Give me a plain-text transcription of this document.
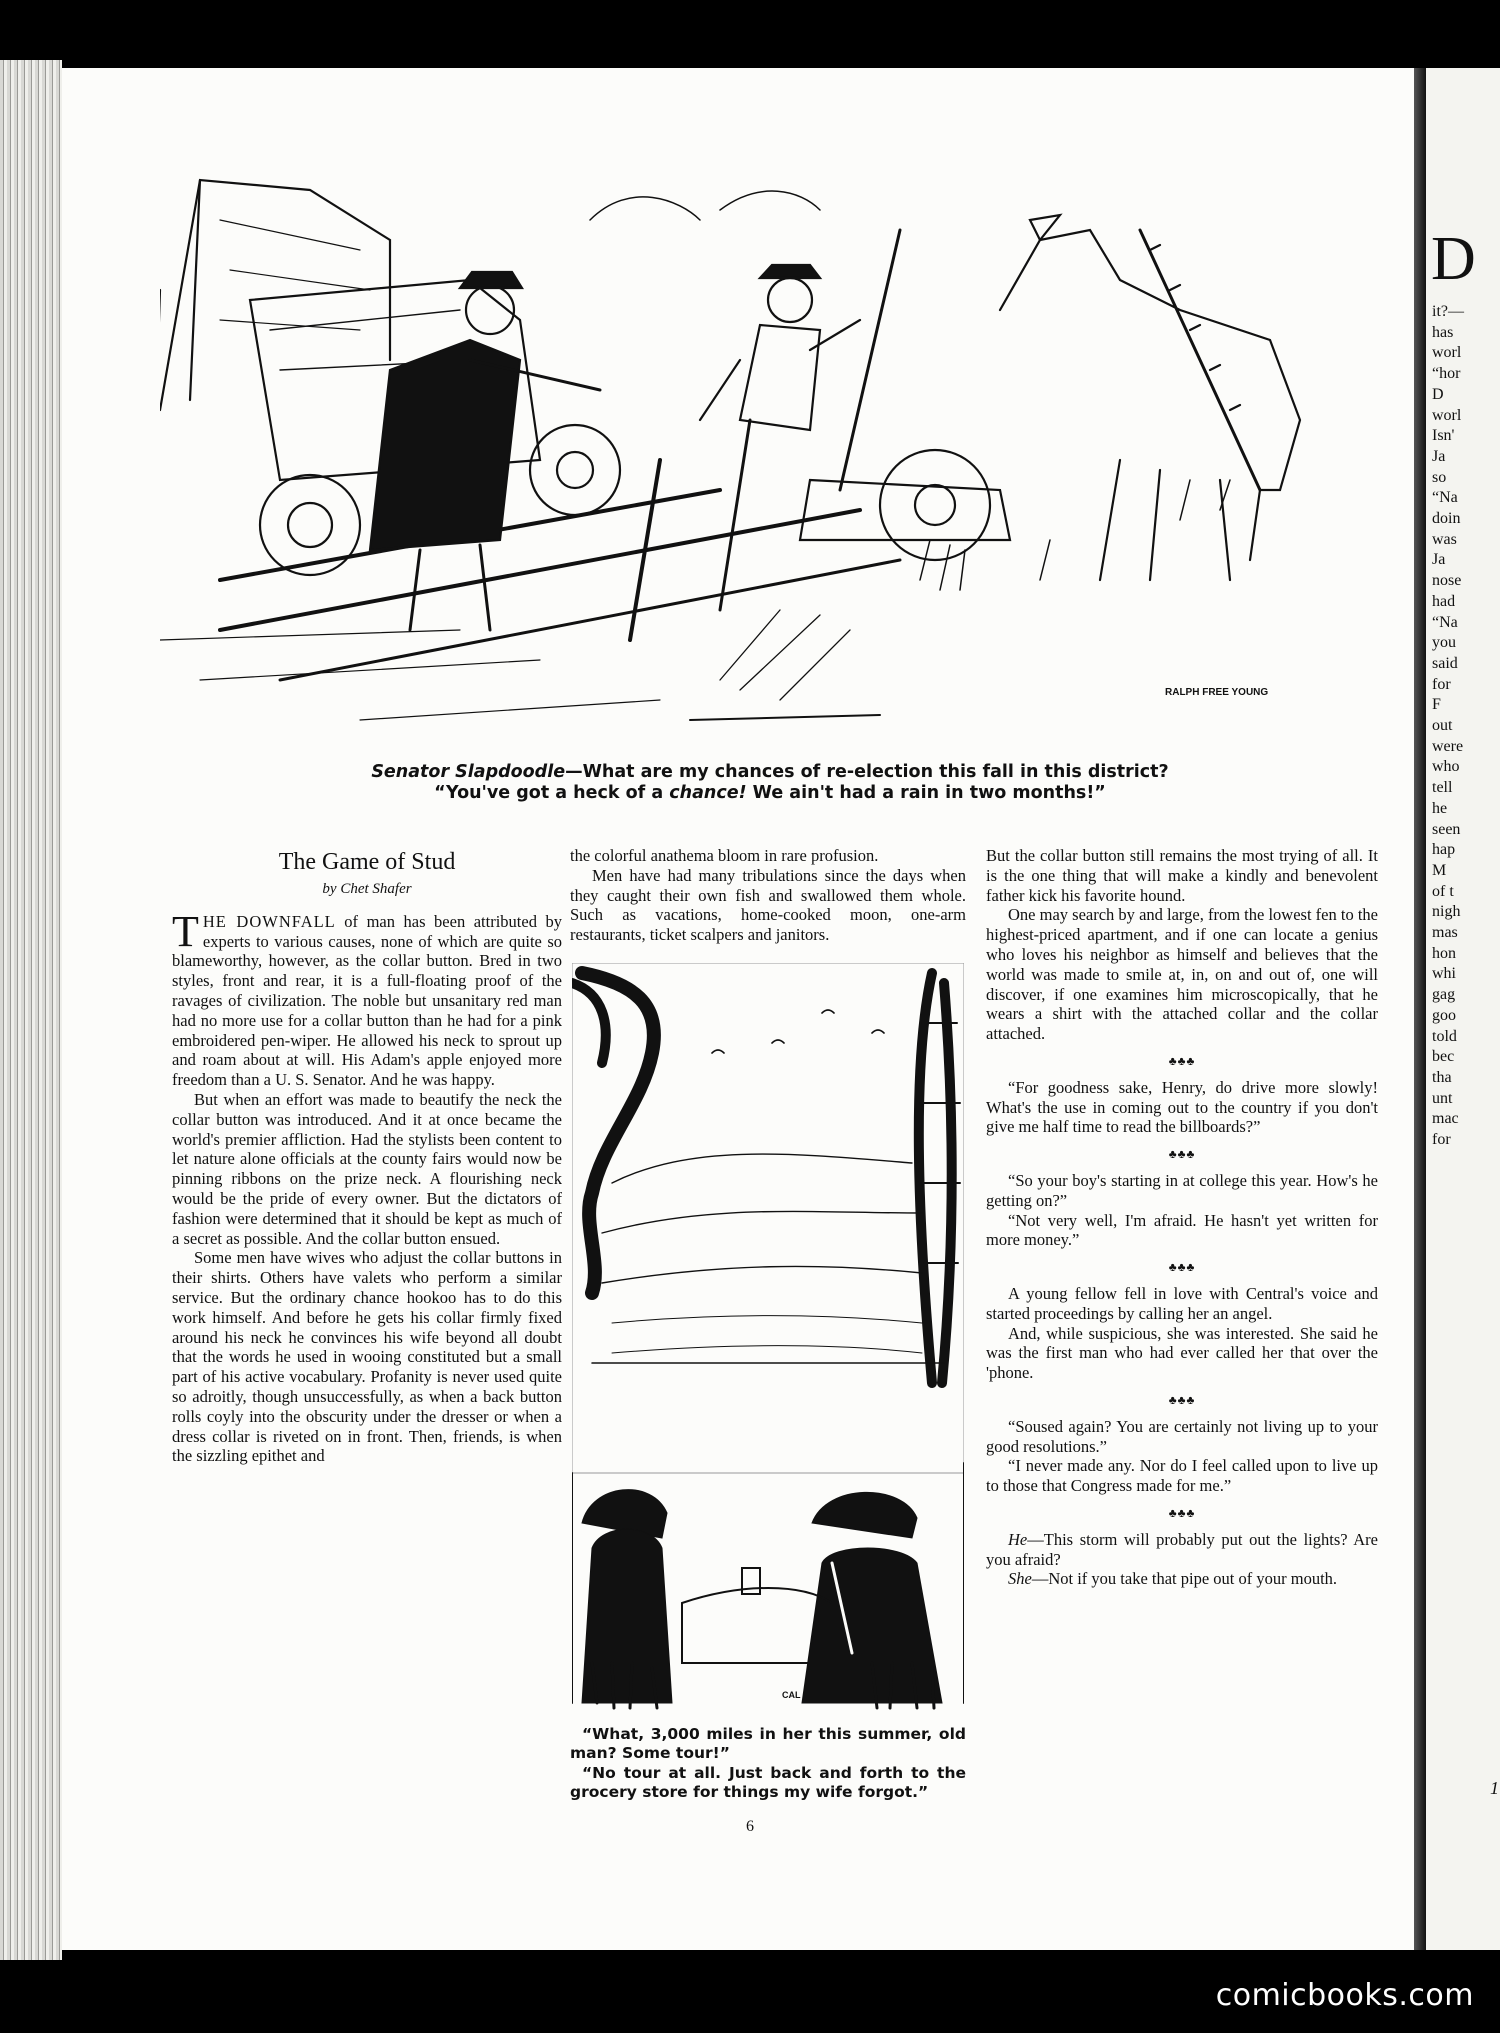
D
it?—
has
worl
“hor
D
worl
Isn'
Ja
so
“Na
doin
was
Ja
nose
had
“Na
you
said
for
F
out
were
who
tell
he
seen
hap
M
of t
nigh
mas
hon
whi
gag
goo
told
bec
tha
unt
mac
for
1
RALPH FREE YOUNG
Senator Slapdoodle—What are my chances of re-election this fall in this district?
“You've got a heck of a chance! We ain't had a rain in two months!”
The Game of Stud
by Chet Shafer

THE DOWNFALL of man has been attributed by experts to various causes, none of which are quite so blameworthy, however, as the collar button. Bred in two styles, front and rear, it is a full-floating proof of the ravages of civilization. The noble but unsanitary red man had no more use for a collar button than he had for a pink embroidered pen-wiper. He allowed his neck to sprout up and roam about at will. His Adam's apple enjoyed more freedom than a U. S. Senator. And he was happy.

But when an effort was made to beautify the neck the collar button was introduced. And it at once became the world's premier affliction. Had the stylists been content to let nature alone officials at the county fairs would now be pinning ribbons on the prize neck. A flourishing neck would be the pride of every owner. But the dictators of fashion were determined that it should be kept as much of a secret as possible. And the collar button ensued.

Some men have wives who adjust the collar buttons in their shirts. Others have valets who perform a similar service. But the ordinary chance hookoo has to do this work himself. And before he gets his collar firmly fixed around his neck he convinces his wife beyond all doubt that the words he used in wooing constituted but a small part of his active vocabulary. Profanity is never used quite so adroitly, though unsuccessfully, as when a back button rolls coyly into the obscurity under the dresser or when a dress collar is riveted on in front. Then, friends, is when the sizzling epithet and

the colorful anathema bloom in rare profusion.

Men have had many tribulations since the days when they caught their own fish and swallowed them whole. Such as vacations, home-cooked moon, one-arm restaurants, ticket scalpers and janitors.

CAL

“What, 3,000 miles in her this summer, old man? Some tour!”

“No tour at all. Just back and forth to the grocery store for things my wife forgot.”

But the collar button still remains the most trying of all. It is the one thing that will make a kindly and benevolent father kick his favorite hound.

One may search by and large, from the lowest fen to the highest-priced apartment, and if one can locate a genius who loves his neighbor as himself and believes that the world was made to smile at, in, on and out of, one will discover, if one examines him microscopically, that he wears a shirt with the attached collar and the collar attached.

♣♣♣

“For goodness sake, Henry, do drive more slowly! What's the use in coming out to the country if you don't give me half time to read the billboards?”

♣♣♣

“So your boy's starting in at college this year. How's he getting on?”

“Not very well, I'm afraid. He hasn't yet written for more money.”

♣♣♣

A young fellow fell in love with Central's voice and started proceedings by calling her an angel.

And, while suspicious, she was interested. She said he was the first man who had ever called her that over the 'phone.

♣♣♣

“Soused again? You are certainly not living up to your good resolutions.”

“I never made any. Nor do I feel called upon to live up to those that Congress made for me.”

♣♣♣

He—This storm will probably put out the lights? Are you afraid?

She—Not if you take that pipe out of your mouth.

6
comicbooks.com
